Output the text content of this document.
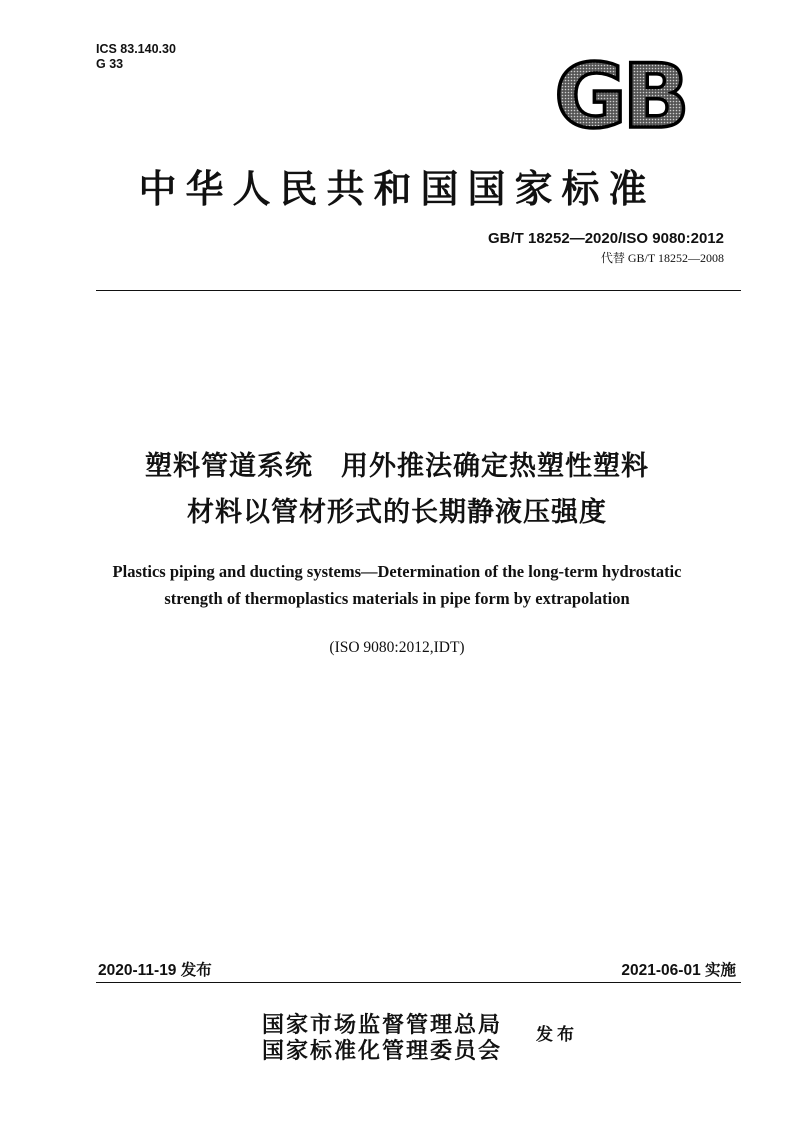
ICS 83.140.30
G 33	GB
中华人民共和国国家标准
GB/T 18252—2020/ISO 9080:2012
代替 GB/T 18252—2008
塑料管道系统　用外推法确定热塑性塑料
材料以管材形式的长期静液压强度
Plastics piping and ducting systems—Determination of the long-term hydrostatic
strength of thermoplastics materials in pipe form by extrapolation
(ISO 9080:2012,IDT)
2020-11-19 发布	2021-06-01 实施
国家市场监督管理总局
国家标准化管理委员会
发布
